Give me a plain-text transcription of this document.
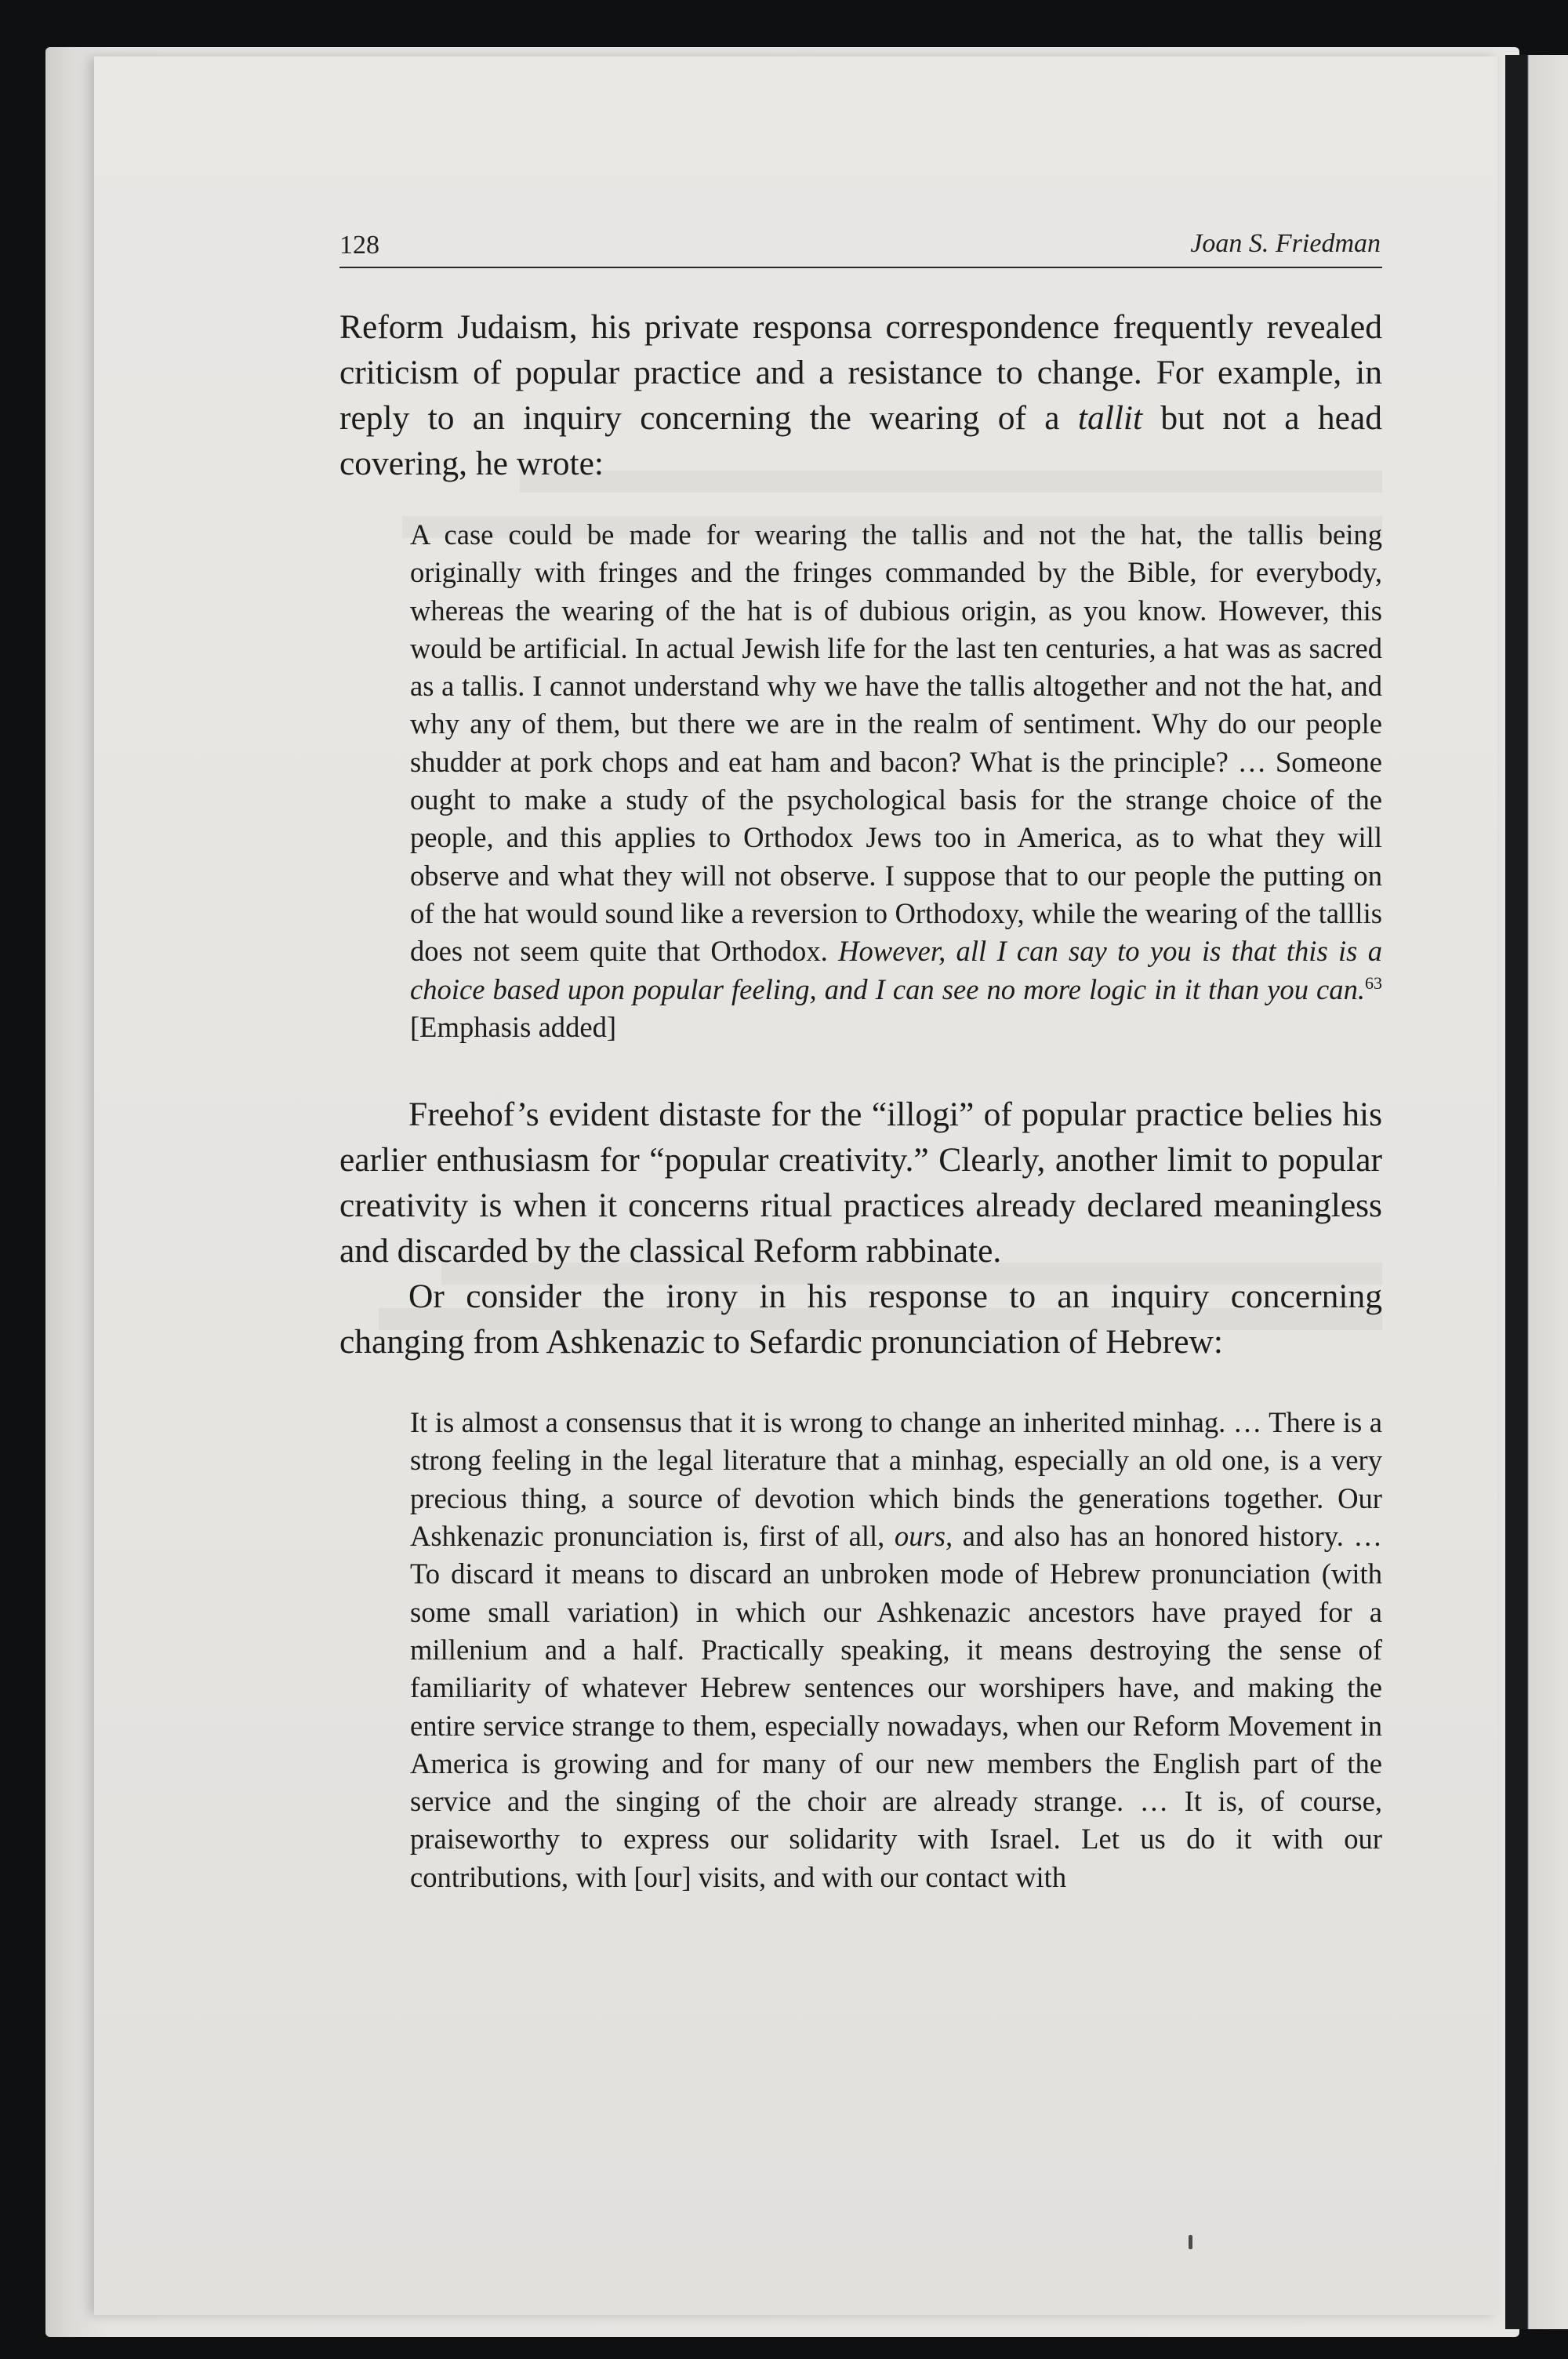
128	Joan S. Friedman

Reform Judaism, his private responsa correspondence frequently revealed criticism of popular practice and a resistance to change. For example, in reply to an inquiry concerning the wearing of a tallit but not a head covering, he wrote:

A case could be made for wearing the tallis and not the hat, the tallis being originally with fringes and the fringes commanded by the Bible, for everybody, whereas the wearing of the hat is of dubious origin, as you know. However, this would be artificial. In actual Jewish life for the last ten centuries, a hat was as sacred as a tallis. I cannot understand why we have the tallis altogether and not the hat, and why any of them, but there we are in the realm of sentiment. Why do our people shudder at pork chops and eat ham and bacon? What is the principle? … Someone ought to make a study of the psychological basis for the strange choice of the people, and this applies to Orthodox Jews too in America, as to what they will observe and what they will not observe. I suppose that to our people the putting on of the hat would sound like a reversion to Orthodoxy, while the wearing of the talllis does not seem quite that Orthodox. However, all I can say to you is that this is a choice based upon popular feeling, and I can see no more logic in it than you can.$^{63}$ [Emphasis added]

Freehof’s evident distaste for the “illogi” of popular practice belies his earlier enthusiasm for “popular creativity.” Clearly, another limit to popular creativity is when it concerns ritual practices already declared meaningless and discarded by the classical Reform rabbinate.

Or consider the irony in his response to an inquiry concerning changing from Ashkenazic to Sefardic pronunciation of Hebrew:

It is almost a consensus that it is wrong to change an inherited minhag. … There is a strong feeling in the legal literature that a minhag, especially an old one, is a very precious thing, a source of devotion which binds the generations together. Our Ashkenazic pronunciation is, first of all, ours, and also has an honored history. … To discard it means to discard an unbroken mode of Hebrew pronunciation (with some small variation) in which our Ashkenazic ancestors have prayed for a millenium and a half. Practically speaking, it means destroying the sense of familiarity of whatever Hebrew sentences our worshipers have, and making the entire service strange to them, especially nowadays, when our Reform Movement in America is growing and for many of our new members the English part of the service and the singing of the choir are already strange. … It is, of course, praiseworthy to express our solidarity with Israel. Let us do it with our contributions, with [our] visits, and with our contact with
